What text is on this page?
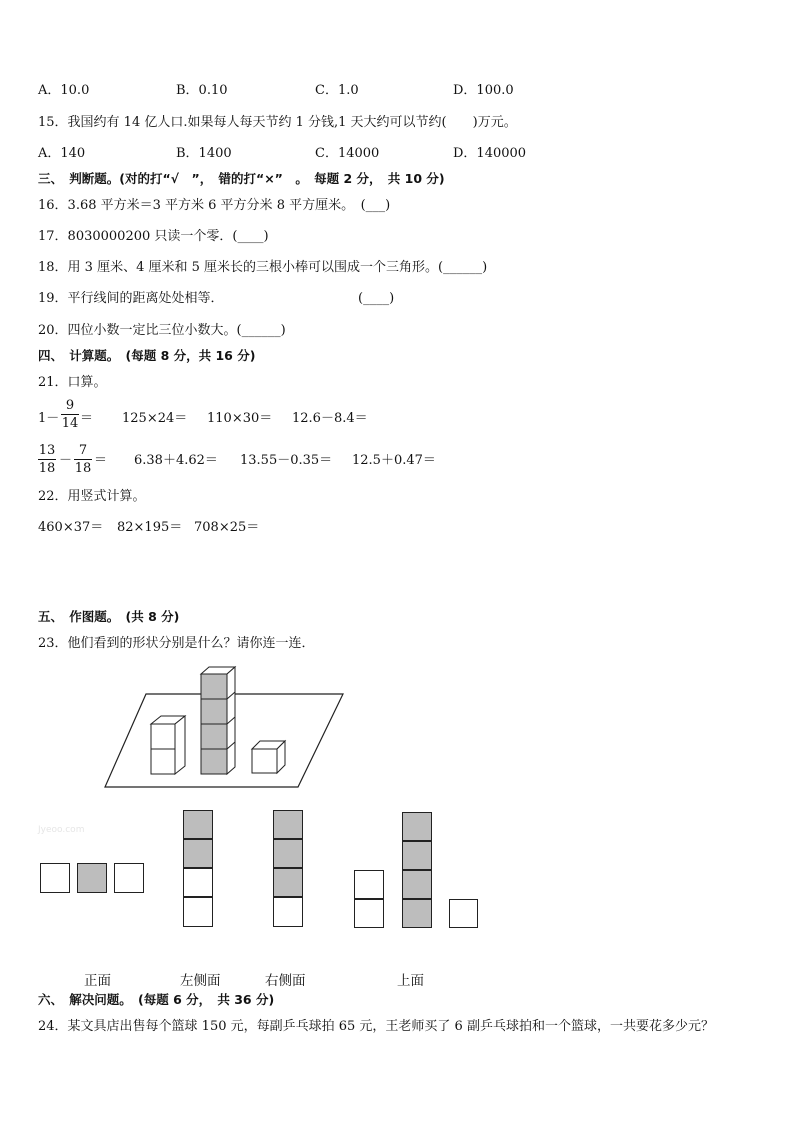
A．10.0	B．0.10	C．1.0	D．100.0
15．我国约有 14 亿人口.如果每人每天节约 1 分钱,1 天大约可以节约(　　)万元。
A．140	B．1400	C．14000	D．140000
三、　判断题。(对的打“√　”，　错的打“×”　。　每题 2 分，　共 10 分)
16．3.68 平方米＝3 平方米 6 平方分米 8 平方厘米。　(___)
17．8030000200 只读一个零．(____)
18．用 3 厘米、4 厘米和 5 厘米长的三根小棒可以围成一个三角形。(______)
19．平行线间的距离处处相等．	(____)
20．四位小数一定比三位小数大。(______)
四、　计算题。　(每题 8 分，共 16 分)
21．口算。
1－
9
14 ＝ 125×24＝ 110×30＝ 12.6－8.4＝
13
18
－
7
18
＝ 6.38＋4.62＝ 13.55－0.35＝ 12.5＋0.47＝
22．用竖式计算。
460×37＝ 82×195＝ 708×25＝
五、　作图题。　(共 8 分)
23．他们看到的形状分别是什么？请你连一连．
Jyeoo.com
正面	左侧面	右侧面	上面
六、　解决问题。　(每题 6 分，　共 36 分)
24．某文具店出售每个篮球 150 元，每副乒乓球拍 65 元，王老师买了 6 副乒乓球拍和一个篮球，一共要花多少元？
